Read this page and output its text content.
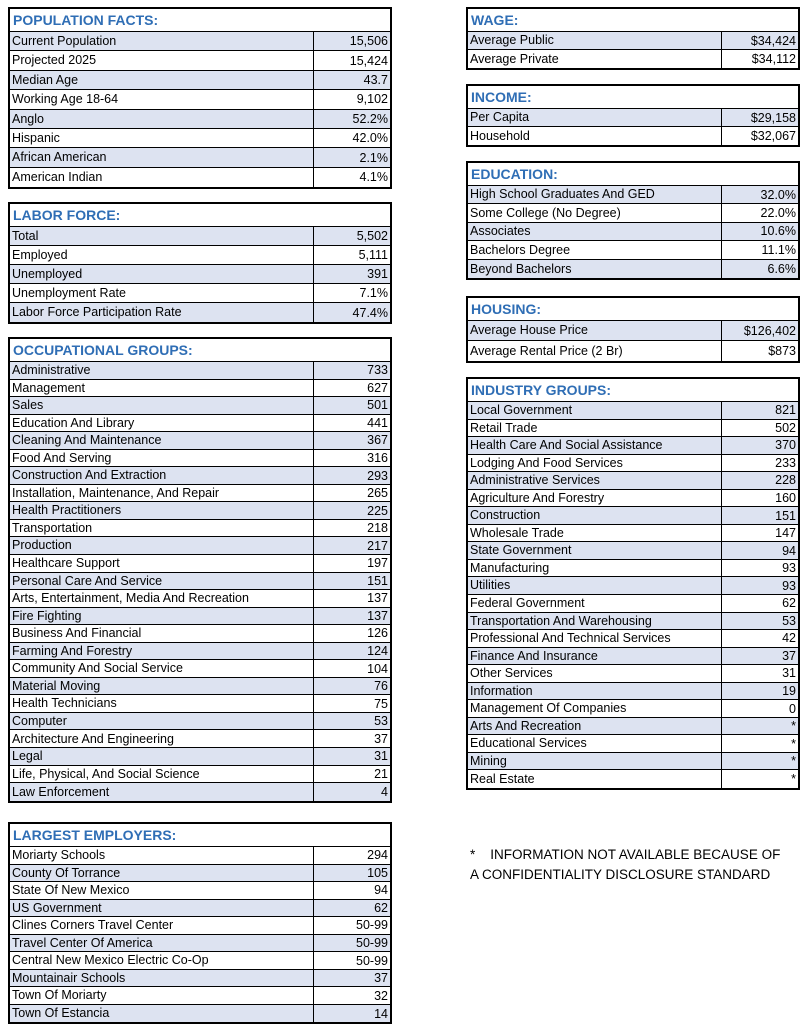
POPULATION FACTS:
Current Population	15,506
Projected 2025	15,424
Median Age	43.7
Working Age 18-64	9,102
Anglo	52.2%
Hispanic	42.0%
African American	2.1%
American Indian	4.1%
LABOR FORCE:
Total	5,502
Employed	5,111
Unemployed	391
Unemployment Rate	7.1%
Labor Force Participation Rate	47.4%
OCCUPATIONAL GROUPS:
Administrative	733
Management	627
Sales	501
Education And Library	441
Cleaning And Maintenance	367
Food And Serving	316
Construction And Extraction	293
Installation, Maintenance, And Repair	265
Health Practitioners	225
Transportation	218
Production	217
Healthcare Support	197
Personal Care And Service	151
Arts, Entertainment, Media And Recreation	137
Fire Fighting	137
Business And Financial	126
Farming And Forestry	124
Community And Social Service	104
Material Moving	76
Health Technicians	75
Computer	53
Architecture And Engineering	37
Legal	31
Life, Physical, And Social Science	21
Law Enforcement	4
LARGEST EMPLOYERS:
Moriarty Schools	294
County Of Torrance	105
State Of New Mexico	94
US Government	62
Clines Corners Travel Center	50-99
Travel Center Of America	50-99
Central New Mexico Electric Co-Op	50-99
Mountainair Schools	37
Town Of Moriarty	32
Town Of Estancia	14
WAGE:
Average Public	$34,424
Average Private	$34,112
INCOME:
Per Capita	$29,158
Household	$32,067
EDUCATION:
High School Graduates And GED	32.0%
Some College (No Degree)	22.0%
Associates	10.6%
Bachelors Degree	11.1%
Beyond Bachelors	6.6%
HOUSING:
Average House Price	$126,402
Average Rental Price (2 Br)	$873
INDUSTRY GROUPS:
Local Government	821
Retail Trade	502
Health Care And Social Assistance	370
Lodging And Food Services	233
Administrative Services	228
Agriculture And Forestry	160
Construction	151
Wholesale Trade	147
State Government	94
Manufacturing	93
Utilities	93
Federal Government	62
Transportation And Warehousing	53
Professional And Technical Services	42
Finance And Insurance	37
Other Services	31
Information	19
Management Of Companies	0
Arts And Recreation	*
Educational Services	*
Mining	*
Real Estate	*
*    INFORMATION NOT AVAILABLE BECAUSE OF
A CONFIDENTIALITY DISCLOSURE STANDARD
